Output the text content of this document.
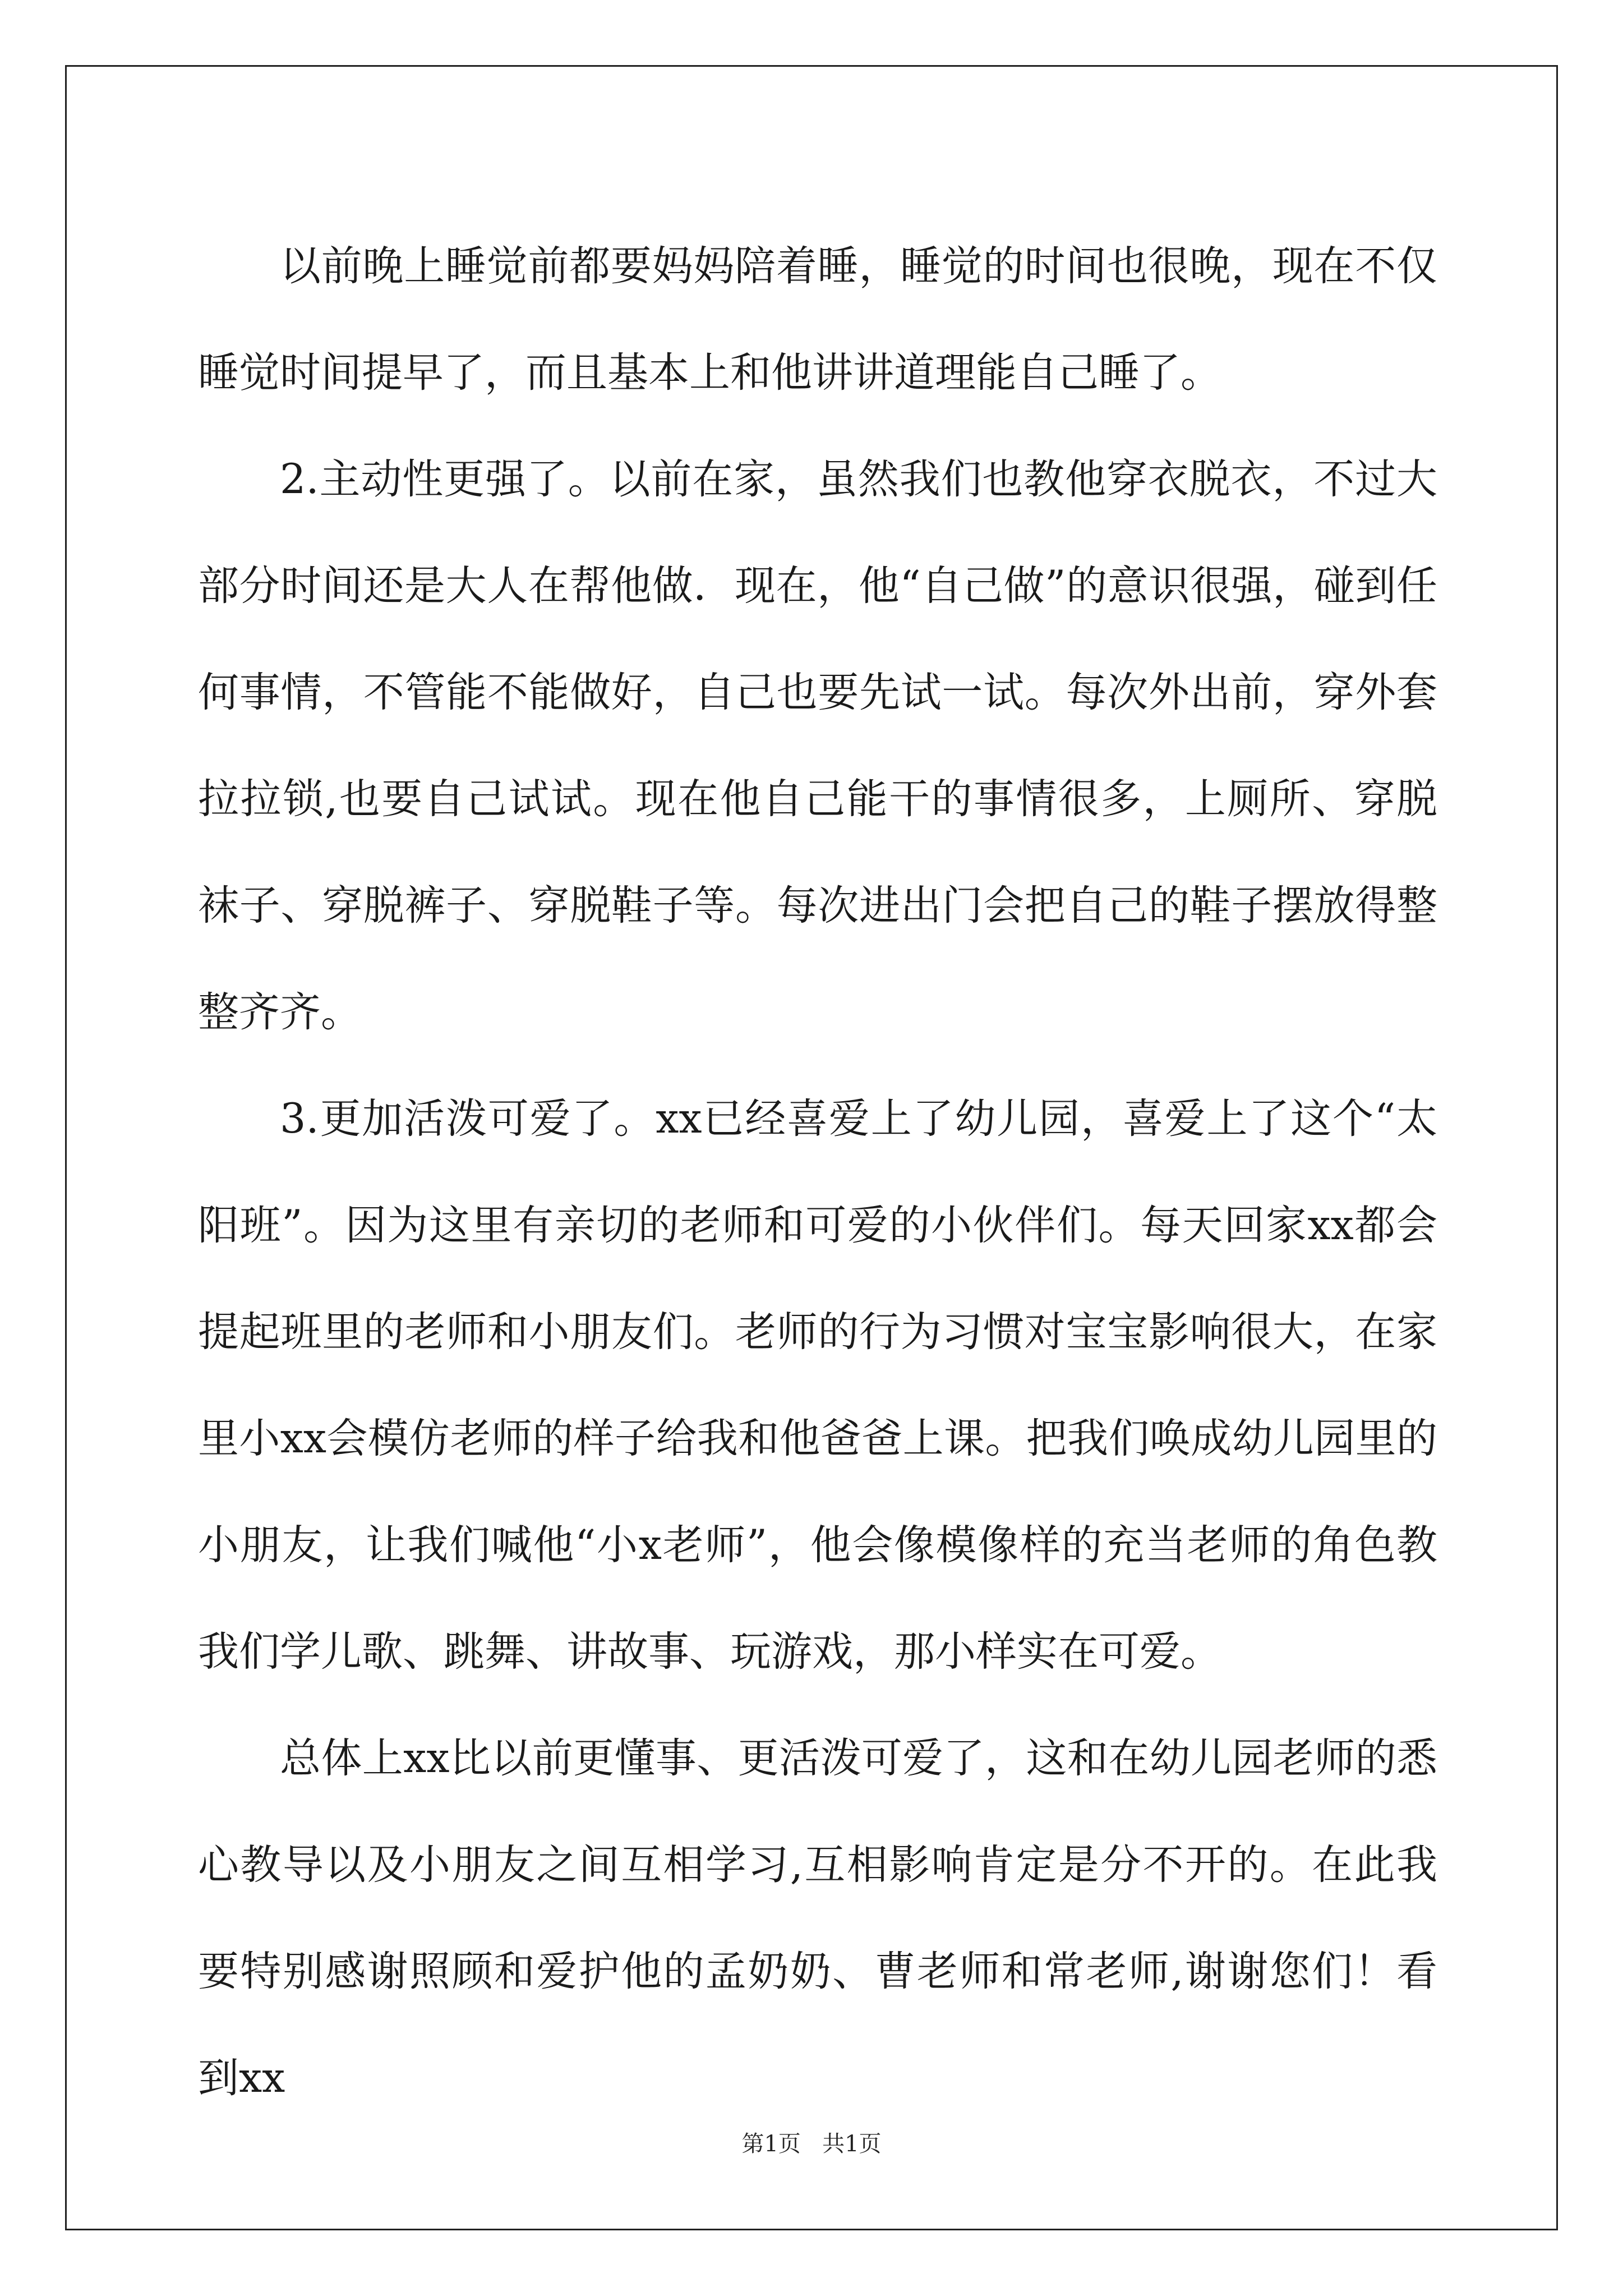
以前晚上睡觉前都要妈妈陪着睡，睡觉的时间也很晚，现在不仅睡觉时间提早了，而且基本上和他讲讲道理能自己睡了。

2.主动性更强了。以前在家，虽然我们也教他穿衣脱衣，不过大部分时间还是大人在帮他做．现在，他“自己做”的意识很强，碰到任何事情，不管能不能做好，自己也要先试一试。每次外出前，穿外套拉拉锁,也要自己试试。现在他自己能干的事情很多，上厕所、穿脱袜子、穿脱裤子、穿脱鞋子等。每次进出门会把自己的鞋子摆放得整整齐齐。

3.更加活泼可爱了。xx已经喜爱上了幼儿园，喜爱上了这个“太阳班”。因为这里有亲切的老师和可爱的小伙伴们。每天回家xx都会提起班里的老师和小朋友们。老师的行为习惯对宝宝影响很大，在家里小xx会模仿老师的样子给我和他爸爸上课。把我们唤成幼儿园里的小朋友，让我们喊他“小x老师”，他会像模像样的充当老师的角色教我们学儿歌、跳舞、讲故事、玩游戏，那小样实在可爱。

总体上xx比以前更懂事、更活泼可爱了，这和在幼儿园老师的悉心教导以及小朋友之间互相学习,互相影响肯定是分不开的。在此我要特别感谢照顾和爱护他的孟奶奶、曹老师和常老师,谢谢您们！看到xx

第1页 共1页
